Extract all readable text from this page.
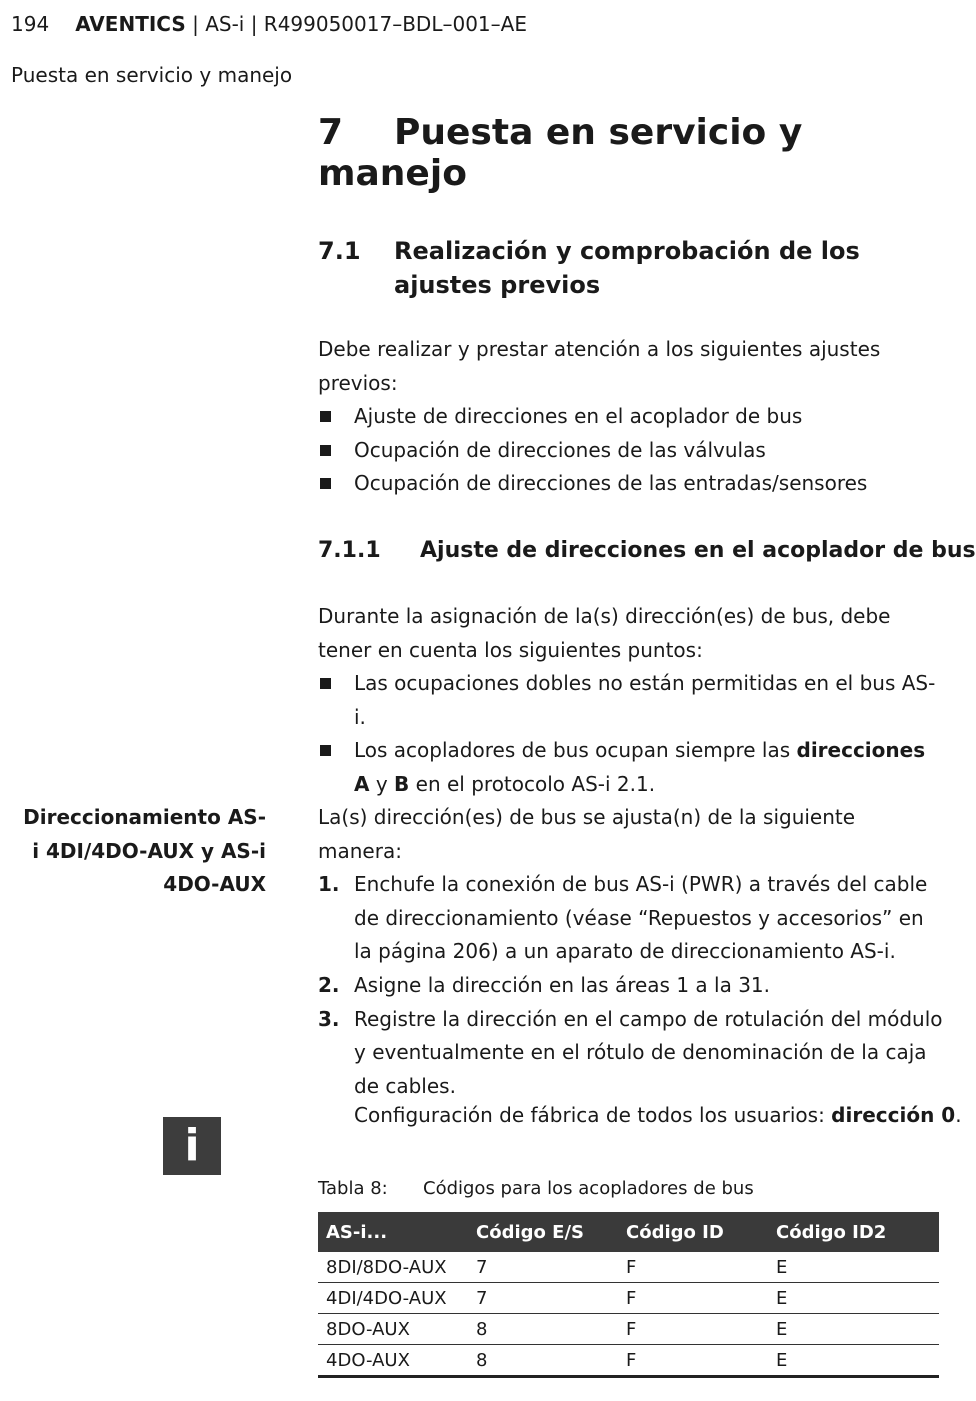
194 AVENTICS | AS-i | R499050017–BDL–001–AE
Puesta en servicio y manejo
7 Puesta en servicio y manejo
7.1 Realización y comprobación de los ajustes previos

Debe realizar y prestar atención a los siguientes ajustes previos:

Ajuste de direcciones en el acoplador de bus
Ocupación de direcciones de las válvulas
Ocupación de direcciones de las entradas/sensores
7.1.1 Ajuste de direcciones en el acoplador de bus

Durante la asignación de la(s) dirección(es) de bus, debe tener en cuenta los siguientes puntos:

Las ocupaciones dobles no están permitidas en el bus AS-i.
Los acopladores de bus ocupan siempre las direcciones A y B en el protocolo AS-i 2.1.
Direccionamiento AS-i 4DI/4DO-AUX y AS-i 4DO-AUX

La(s) dirección(es) de bus se ajusta(n) de la siguiente manera:

1. Enchufe la conexión de bus AS-i (PWR) a través del cable de direccionamiento (véase “Repuestos y accesorios” en la página 206) a un aparato de direccionamiento AS-i.
2. Asigne la dirección en las áreas 1 a la 31.
3. Registre la dirección en el campo de rotulación del módulo y eventualmente en el rótulo de denominación de la caja de cables.
i
Configuración de fábrica de todos los usuarios: dirección 0.
Tabla 8: Códigos para los acopladores de bus
AS-i...	Código E/S	Código ID	Código ID2
8DI/8DO-AUX	7	F	E
4DI/4DO-AUX	7	F	E
8DO-AUX	8	F	E
4DO-AUX	8	F	E
